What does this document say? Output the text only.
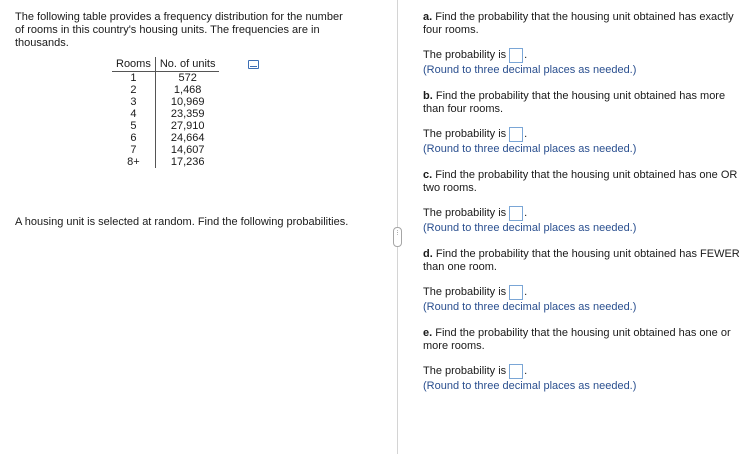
The following table provides a frequency distribution for the number of rooms in this country's housing units. The frequencies are in thousands.
Rooms	No. of units
1	572
2	1,468
3	10,969
4	23,359
5	27,910
6	24,664
7	14,607
8+	17,236
A housing unit is selected at random. Find the following probabilities.
…
a. Find the probability that the housing unit obtained has exactly four rooms.
The probability is .
(Round to three decimal places as needed.)
b. Find the probability that the housing unit obtained has more than four rooms.
The probability is .
(Round to three decimal places as needed.)
c. Find the probability that the housing unit obtained has one OR two rooms.
The probability is .
(Round to three decimal places as needed.)
d. Find the probability that the housing unit obtained has FEWER than one room.
The probability is .
(Round to three decimal places as needed.)
e. Find the probability that the housing unit obtained has one or more rooms.
The probability is .
(Round to three decimal places as needed.)
